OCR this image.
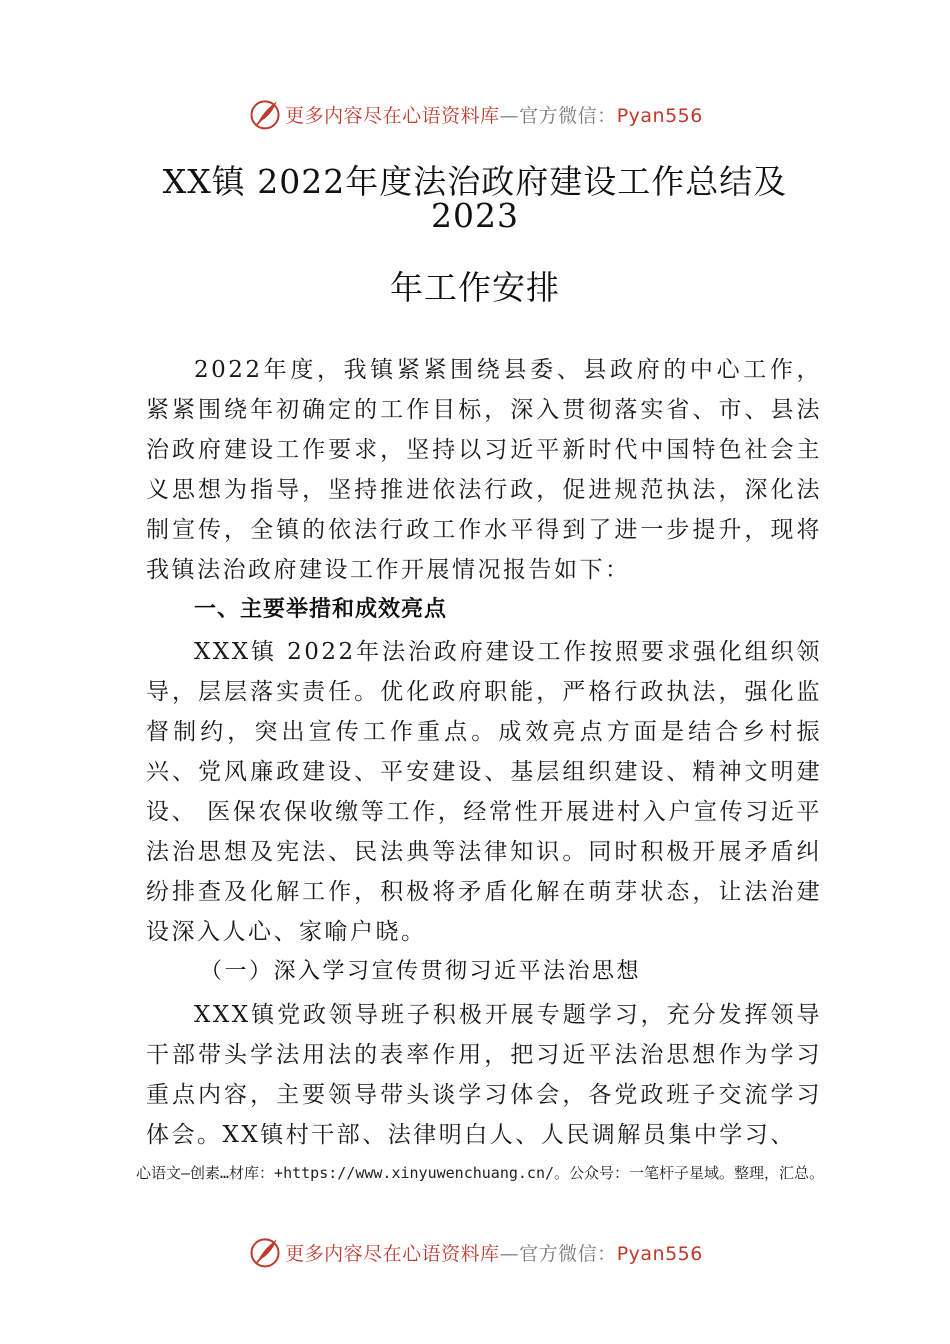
更多内容尽在心语资料库—官方微信：Pyan556
XX镇 2022年度法治政府建设工作总结及
2023
年工作安排

2022年度，我镇紧紧围绕县委、县政府的中心工作，紧紧围绕年初确定的工作目标，深入贯彻落实省、市、县法治政府建设工作要求，坚持以习近平新时代中国特色社会主义思想为指导，坚持推进依法行政，促进规范执法，深化法制宣传，全镇的依法行政工作水平得到了进一步提升，现将我镇法治政府建设工作开展情况报告如下：

一、主要举措和成效亮点

XXX镇 2022年法治政府建设工作按照要求强化组织领导，层层落实责任。优化政府职能，严格行政执法，强化监督制约，突出宣传工作重点。成效亮点方面是结合乡村振兴、党风廉政建设、平安建设、基层组织建设、精神文明建设、 医保农保收缴等工作，经常性开展进村入户宣传习近平法治思想及宪法、民法典等法律知识。同时积极开展矛盾纠纷排查及化解工作，积极将矛盾化解在萌芽状态，让法治建设深入人心、家喻户晓。

（一）深入学习宣传贯彻习近平法治思想

XXX镇党政领导班子积极开展专题学习，充分发挥领导干部带头学法用法的表率作用，把习近平法治思想作为学习重点内容，主要领导带头谈学习体会，各党政班子交流学习体会。XX镇村干部、法律明白人、人民调解员集中学习、

心语文—创素…材库：+https://www.xinyuwenchuang.cn/。公众号：一笔杆子星域。整理，汇总。
更多内容尽在心语资料库—官方微信：Pyan556
